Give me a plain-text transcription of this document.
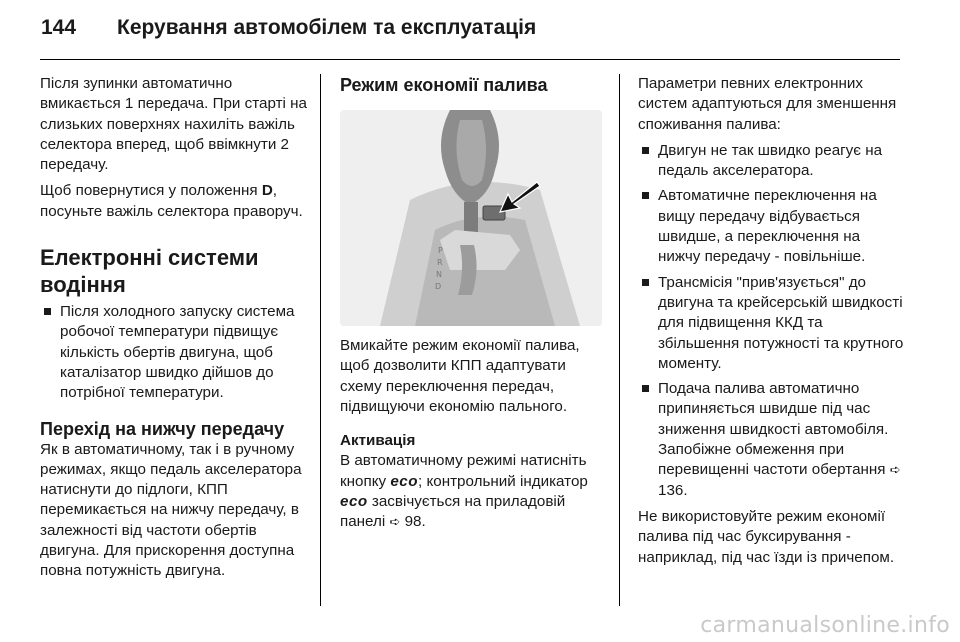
144 Керування автомобілем та експлуатація

Після зупинки автоматично вмикається 1 передача. При старті на слизьких поверхнях нахиліть важіль селектора вперед, щоб ввімкнути 2 передачу.

Щоб повернутися у положення D, посуньте важіль селектора праворуч.

Електронні системи водіння
Після холодного запуску система робочої температури підвищує кількість обертів двигуна, щоб каталізатор швидко дійшов до потрібної температури.
Перехід на нижчу передачу

Як в автоматичному, так і в ручному режимах, якщо педаль акселератора натиснути до підлоги, КПП перемикається на нижчу передачу, в залежності від частоти обертів двигуна. Для прискорення доступна повна потужність двигуна.

Режим економії палива
P
R
N
D

Вмикайте режим економії палива, щоб дозволити КПП адаптувати схему переключення передач, підвищуючи економію пального.

Активація

В автоматичному режимі натисніть кнопку eco; контрольний індикатор eco засвічується на приладовій панелі ➪ 98.

Параметри певних електронних систем адаптуються для зменшення споживання палива:

Двигун не так швидко реагує на педаль акселератора.
Автоматичне переключення на вищу передачу відбувається швидше, а переключення на нижчу передачу - повільніше.
Трансмісія "прив'язується" до двигуна та крейсерській швидкості для підвищення ККД та збільшення потужності та крутного моменту.
Подача палива автоматично припиняється швидше під час зниження швидкості автомобіля. Запобіжне обмеження при перевищенні частоти обертання ➪ 136.

Не використовуйте режим економії палива під час буксирування - наприклад, під час їзди із причепом.

carmanualsonline.info
